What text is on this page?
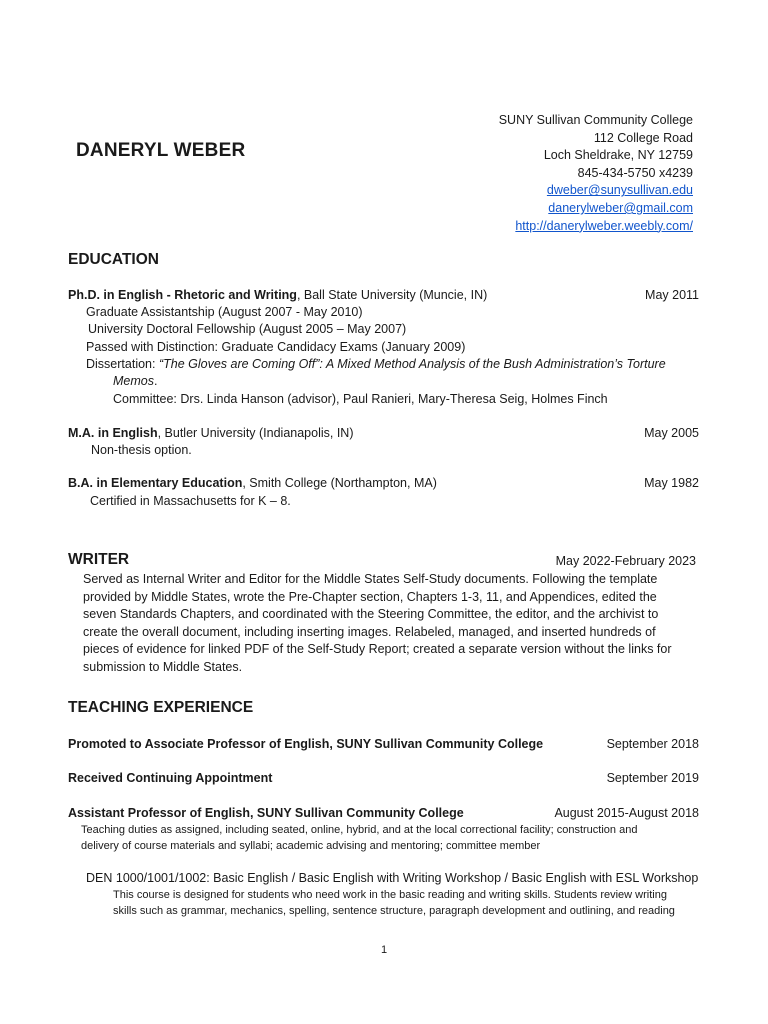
DANERYL WEBER
SUNY Sullivan Community College
112 College Road
Loch Sheldrake, NY 12759
845-434-5750 x4239
dweber@sunysullivan.edu
danerylweber@gmail.com
http://danerylweber.weebly.com/
EDUCATION
Ph.D. in English - Rhetoric and Writing, Ball State University (Muncie, IN)	May 2011
Graduate Assistantship (August 2007 - May 2010)
University Doctoral Fellowship (August 2005 – May 2007)
Passed with Distinction: Graduate Candidacy Exams (January 2009)
Dissertation: “The Gloves are Coming Off”: A Mixed Method Analysis of the Bush Administration’s Torture
Memos.
Committee: Drs. Linda Hanson (advisor), Paul Ranieri, Mary-Theresa Seig, Holmes Finch
M.A. in English, Butler University (Indianapolis, IN)	May 2005
Non-thesis option.
B.A. in Elementary Education, Smith College (Northampton, MA)	May 1982
Certified in Massachusetts for K – 8.
WRITER	May 2022-February 2023
Served as Internal Writer and Editor for the Middle States Self-Study documents. Following the template
provided by Middle States, wrote the Pre-Chapter section, Chapters 1-3, 11, and Appendices, edited the
seven Standards Chapters, and coordinated with the Steering Committee, the editor, and the archivist to
create the overall document, including inserting images. Relabeled, managed, and inserted hundreds of
pieces of evidence for linked PDF of the Self-Study Report; created a separate version without the links for
submission to Middle States.
TEACHING EXPERIENCE
Promoted to Associate Professor of English, SUNY Sullivan Community College	September 2018
Received Continuing Appointment	September 2019
Assistant Professor of English, SUNY Sullivan Community College	August 2015-August 2018
Teaching duties as assigned, including seated, online, hybrid, and at the local correctional facility; construction and
delivery of course materials and syllabi; academic advising and mentoring; committee member
DEN 1000/1001/1002: Basic English / Basic English with Writing Workshop / Basic English with ESL Workshop
This course is designed for students who need work in the basic reading and writing skills. Students review writing
skills such as grammar, mechanics, spelling, sentence structure, paragraph development and outlining, and reading
1
